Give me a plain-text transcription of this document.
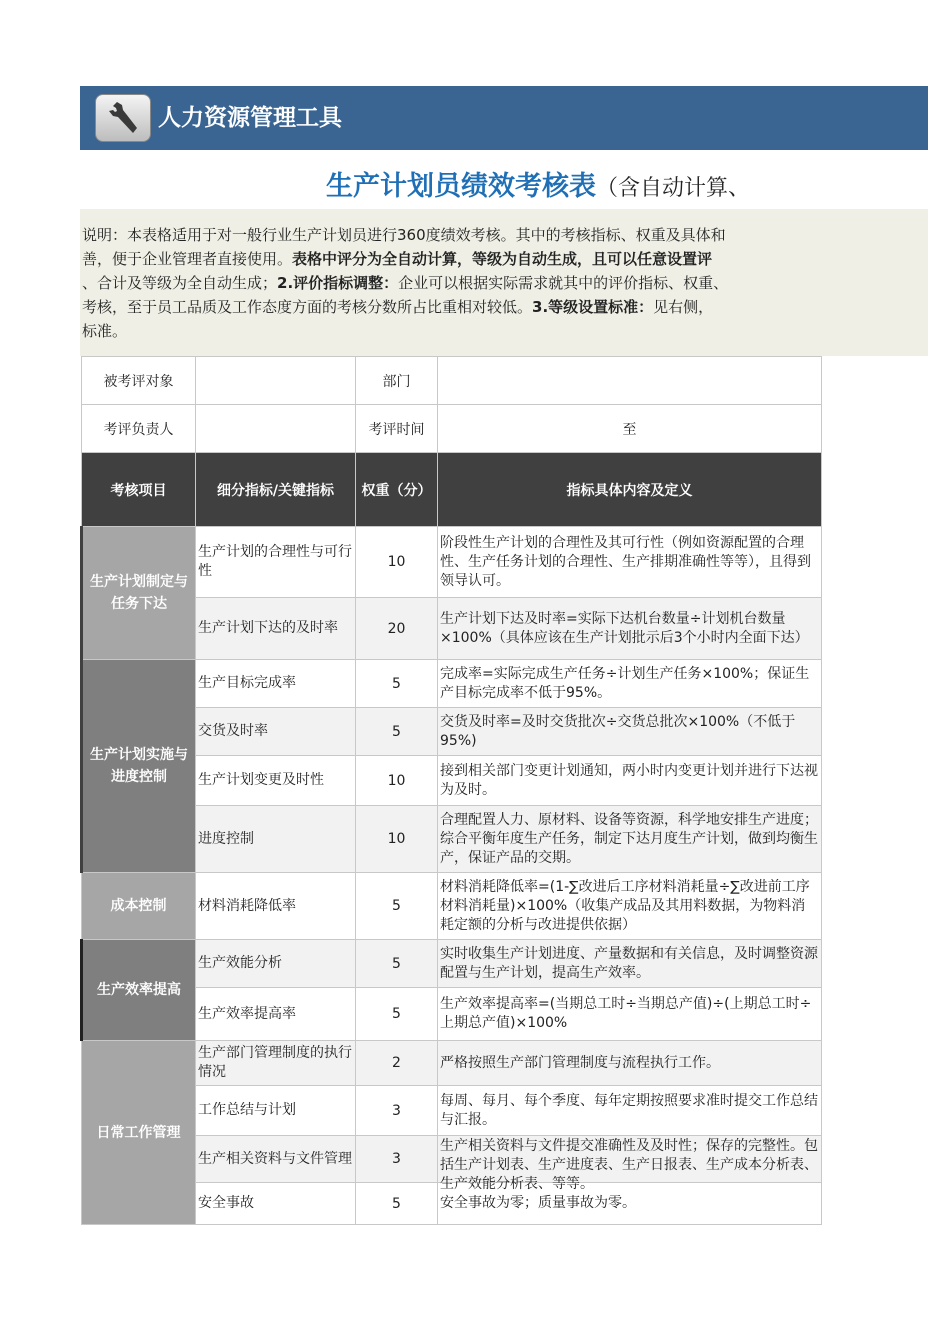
人力资源管理工具
生产计划员绩效考核表（含自动计算、
说明：本表格适用于对一般行业生产计划员进行360度绩效考核。其中的考核指标、权重及具体和
善，便于企业管理者直接使用。表格中评分为全自动计算，等级为自动生成，且可以任意设置评
、合计及等级为全自动生成；2.评价指标调整：企业可以根据实际需求就其中的评价指标、权重、
考核，至于员工品质及工作态度方面的考核分数所占比重相对较低。3.等级设置标准：见右侧，
标准。
被考评对象		部门	
考评负责人		考评时间	至
考核项目	细分指标/关键指标	权重（分）	指标具体内容及定义
生产计划制定与任务下达	生产计划的合理性与可行性	10	阶段性生产计划的合理性及其可行性（例如资源配置的合理性、生产任务计划的合理性、生产排期准确性等等），且得到领导认可。
	生产计划下达的及时率	20	生产计划下达及时率=实际下达机台数量÷计划机台数量×100%（具体应该在生产计划批示后3个小时内全面下达）
生产计划实施与进度控制	生产目标完成率	5	完成率=实际完成生产任务÷计划生产任务×100%；保证生产目标完成率不低于95%。
	交货及时率	5	交货及时率=及时交货批次÷交货总批次×100%（不低于95%)
	生产计划变更及时性	10	接到相关部门变更计划通知，两小时内变更计划并进行下达视为及时。
	进度控制	10	合理配置人力、原材料、设备等资源，科学地安排生产进度；综合平衡年度生产任务，制定下达月度生产计划，做到均衡生产，保证产品的交期。
成本控制	材料消耗降低率	5	材料消耗降低率=(1-∑改进后工序材料消耗量÷∑改进前工序材料消耗量)×100%（收集产成品及其用料数据，为物料消耗定额的分析与改进提供依据）
生产效率提高	生产效能分析	5	实时收集生产计划进度、产量数据和有关信息，及时调整资源配置与生产计划，提高生产效率。
	生产效率提高率	5	生产效率提高率=(当期总工时÷当期总产值)÷(上期总工时÷上期总产值)×100%
日常工作管理	生产部门管理制度的执行情况	2	严格按照生产部门管理制度与流程执行工作。
	工作总结与计划	3	每周、每月、每个季度、每年定期按照要求准时提交工作总结与汇报。
	生产相关资料与文件管理	3	生产相关资料与文件提交准确性及及时性；保存的完整性。包括生产计划表、生产进度表、生产日报表、生产成本分析表、生产效能分析表、等等。

	安全事故	5	安全事故为零；质量事故为零。
